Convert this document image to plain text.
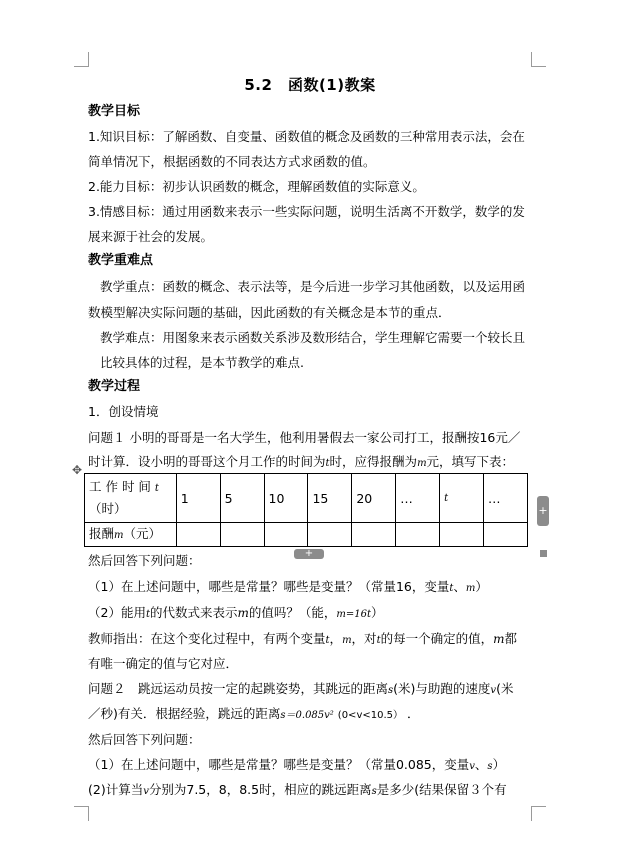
5.2　函数(1)教案
教学目标
1.知识目标：了解函数、自变量、函数值的概念及函数的三种常用表示法，会在
简单情况下，根据函数的不同表达方式求函数的值。
2.能力目标：初步认识函数的概念，理解函数值的实际意义。
3.情感目标：通过用函数来表示一些实际问题，说明生活离不开数学，数学的发
展来源于社会的发展。
教学重难点
教学重点：函数的概念、表示法等，是今后进一步学习其他函数，以及运用函
数模型解决实际问题的基础，因此函数的有关概念是本节的重点．
教学难点：用图象来表示函数关系涉及数形结合，学生理解它需要一个较长且
比较具体的过程，是本节教学的难点.
教学过程
1．创设情境
问题１ 小明的哥哥是一名大学生，他利用暑假去一家公司打工，报酬按16元／
时计算．设小明的哥哥这个月工作的时间为t时，应得报酬为m元，填写下表：
工 作 时 间 t
（时）	1	5	10	15	20	…	t	…
报酬m（元）								
然后回答下列问题：
（1）在上述问题中，哪些是常量？哪些是变量？（常量16，变量t、m）
（2）能用t的代数式来表示m的值吗？（能，m=16t）
教师指出：在这个变化过程中，有两个变量t，m，对t的每一个确定的值，m都
有唯一确定的值与它对应．
问题２　跳远运动员按一定的起跳姿势，其跳远的距离s(米)与助跑的速度v(米
／秒)有关．根据经验，跳远的距离s＝0.085v² (0<v<10.5） ．
然后回答下列问题：
（1）在上述问题中，哪些是常量？哪些是变量？（常量0.085，变量v、s）
(2)计算当v分别为7.5，8，8.5时，相应的跳远距离s是多少(结果保留３个有
✥
+
+
